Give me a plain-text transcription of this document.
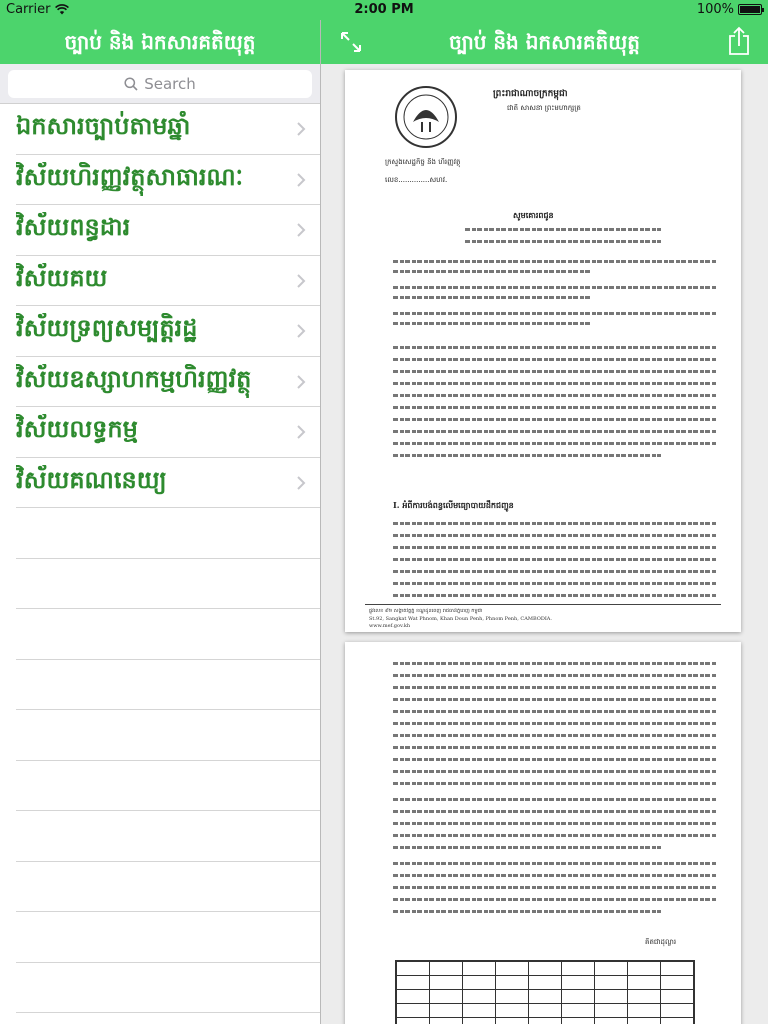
Carrier	2:00 PM	100%
ច្បាប់ និង ឯកសារគតិយុត្ត	ច្បាប់ និង ឯកសារគតិយុត្ត
Search
ឯកសារច្បាប់តាមឆ្នាំ
វិស័យហិរញ្ញវត្ថុសាធារណៈ
វិស័យពន្ធដារ
វិស័យគយ
វិស័យទ្រព្យសម្បត្តិរដ្ឋ
វិស័យឧស្សាហកម្មហិរញ្ញវត្ថុ
វិស័យលទ្ធកម្ម
វិស័យគណនេយ្យ
ព្រះរាជាណាចក្រកម្ពុជា
ជាតិ សាសនា ព្រះមហាក្សត្រ
ក្រសួងសេដ្ឋកិច្ច និង ហិរញ្ញវត្ថុ
លេខ..............សហវ.
សូមគោរពជូន
I. អំពីការបង់ពន្ធលើមធ្យោបាយដឹកជញ្ជូន
ផ្លូវលេខ ៩២ សង្កាត់វត្តភ្នំ ខណ្ឌដូនពេញ រាជធានីភ្នំពេញ កម្ពុជា
St.92, Sangkat Wat Phnom, Khan Doun Penh, Phnom Penh, CAMBODIA.
www.mef.gov.kh
គិតជាដុល្លារ
